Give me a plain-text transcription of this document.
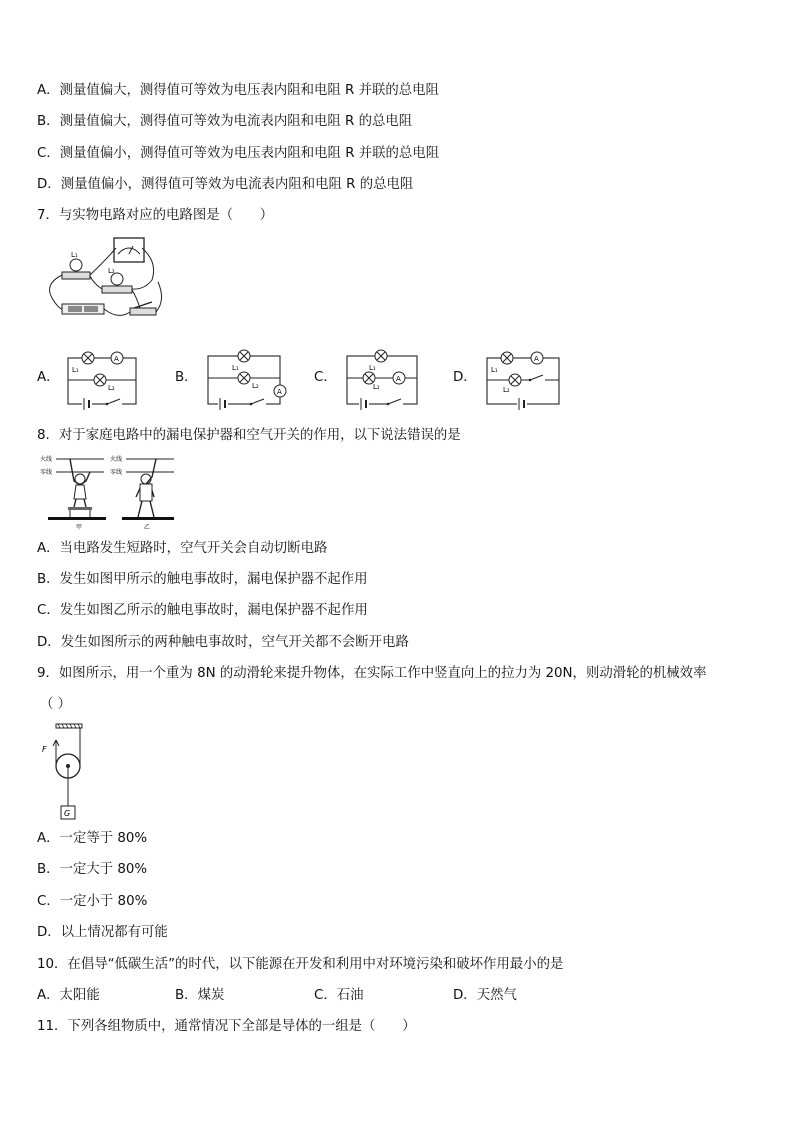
A．测量值偏大，测得值可等效为电压表内阻和电阻 R 并联的总电阻
B．测量值偏大，测得值可等效为电流表内阻和电阻 R 的总电阻
C．测量值偏小，测得值可等效为电压表内阻和电阻 R 并联的总电阻
D．测量值偏小，测得值可等效为电流表内阻和电阻 R 的总电阻
7．与实物电路对应的电路图是（　　）
L₁
L₂
A．	B．	C．	D．
A
L₁
L₂
L₁
L₂
A
L₁
L₂
A
A
L₁
L₂
8．对于家庭电路中的漏电保护器和空气开关的作用，以下说法错误的是
火线
零线
甲
火线
零线
乙
A．当电路发生短路时，空气开关会自动切断电路
B．发生如图甲所示的触电事故时，漏电保护器不起作用
C．发生如图乙所示的触电事故时，漏电保护器不起作用
D．发生如图所示的两种触电事故时，空气开关都不会断开电路
9．如图所示，用一个重为 8N 的动滑轮来提升物体，在实际工作中竖直向上的拉力为 20N，则动滑轮的机械效率
（ ）
F
G
A．一定等于 80%
B．一定大于 80%
C．一定小于 80%
D．以上情况都有可能
10．在倡导“低碳生活”的时代，以下能源在开发和利用中对环境污染和破坏作用最小的是
A．太阳能	B．煤炭	C．石油	D．天然气
11．下列各组物质中，通常情况下全部是导体的一组是（　　）
